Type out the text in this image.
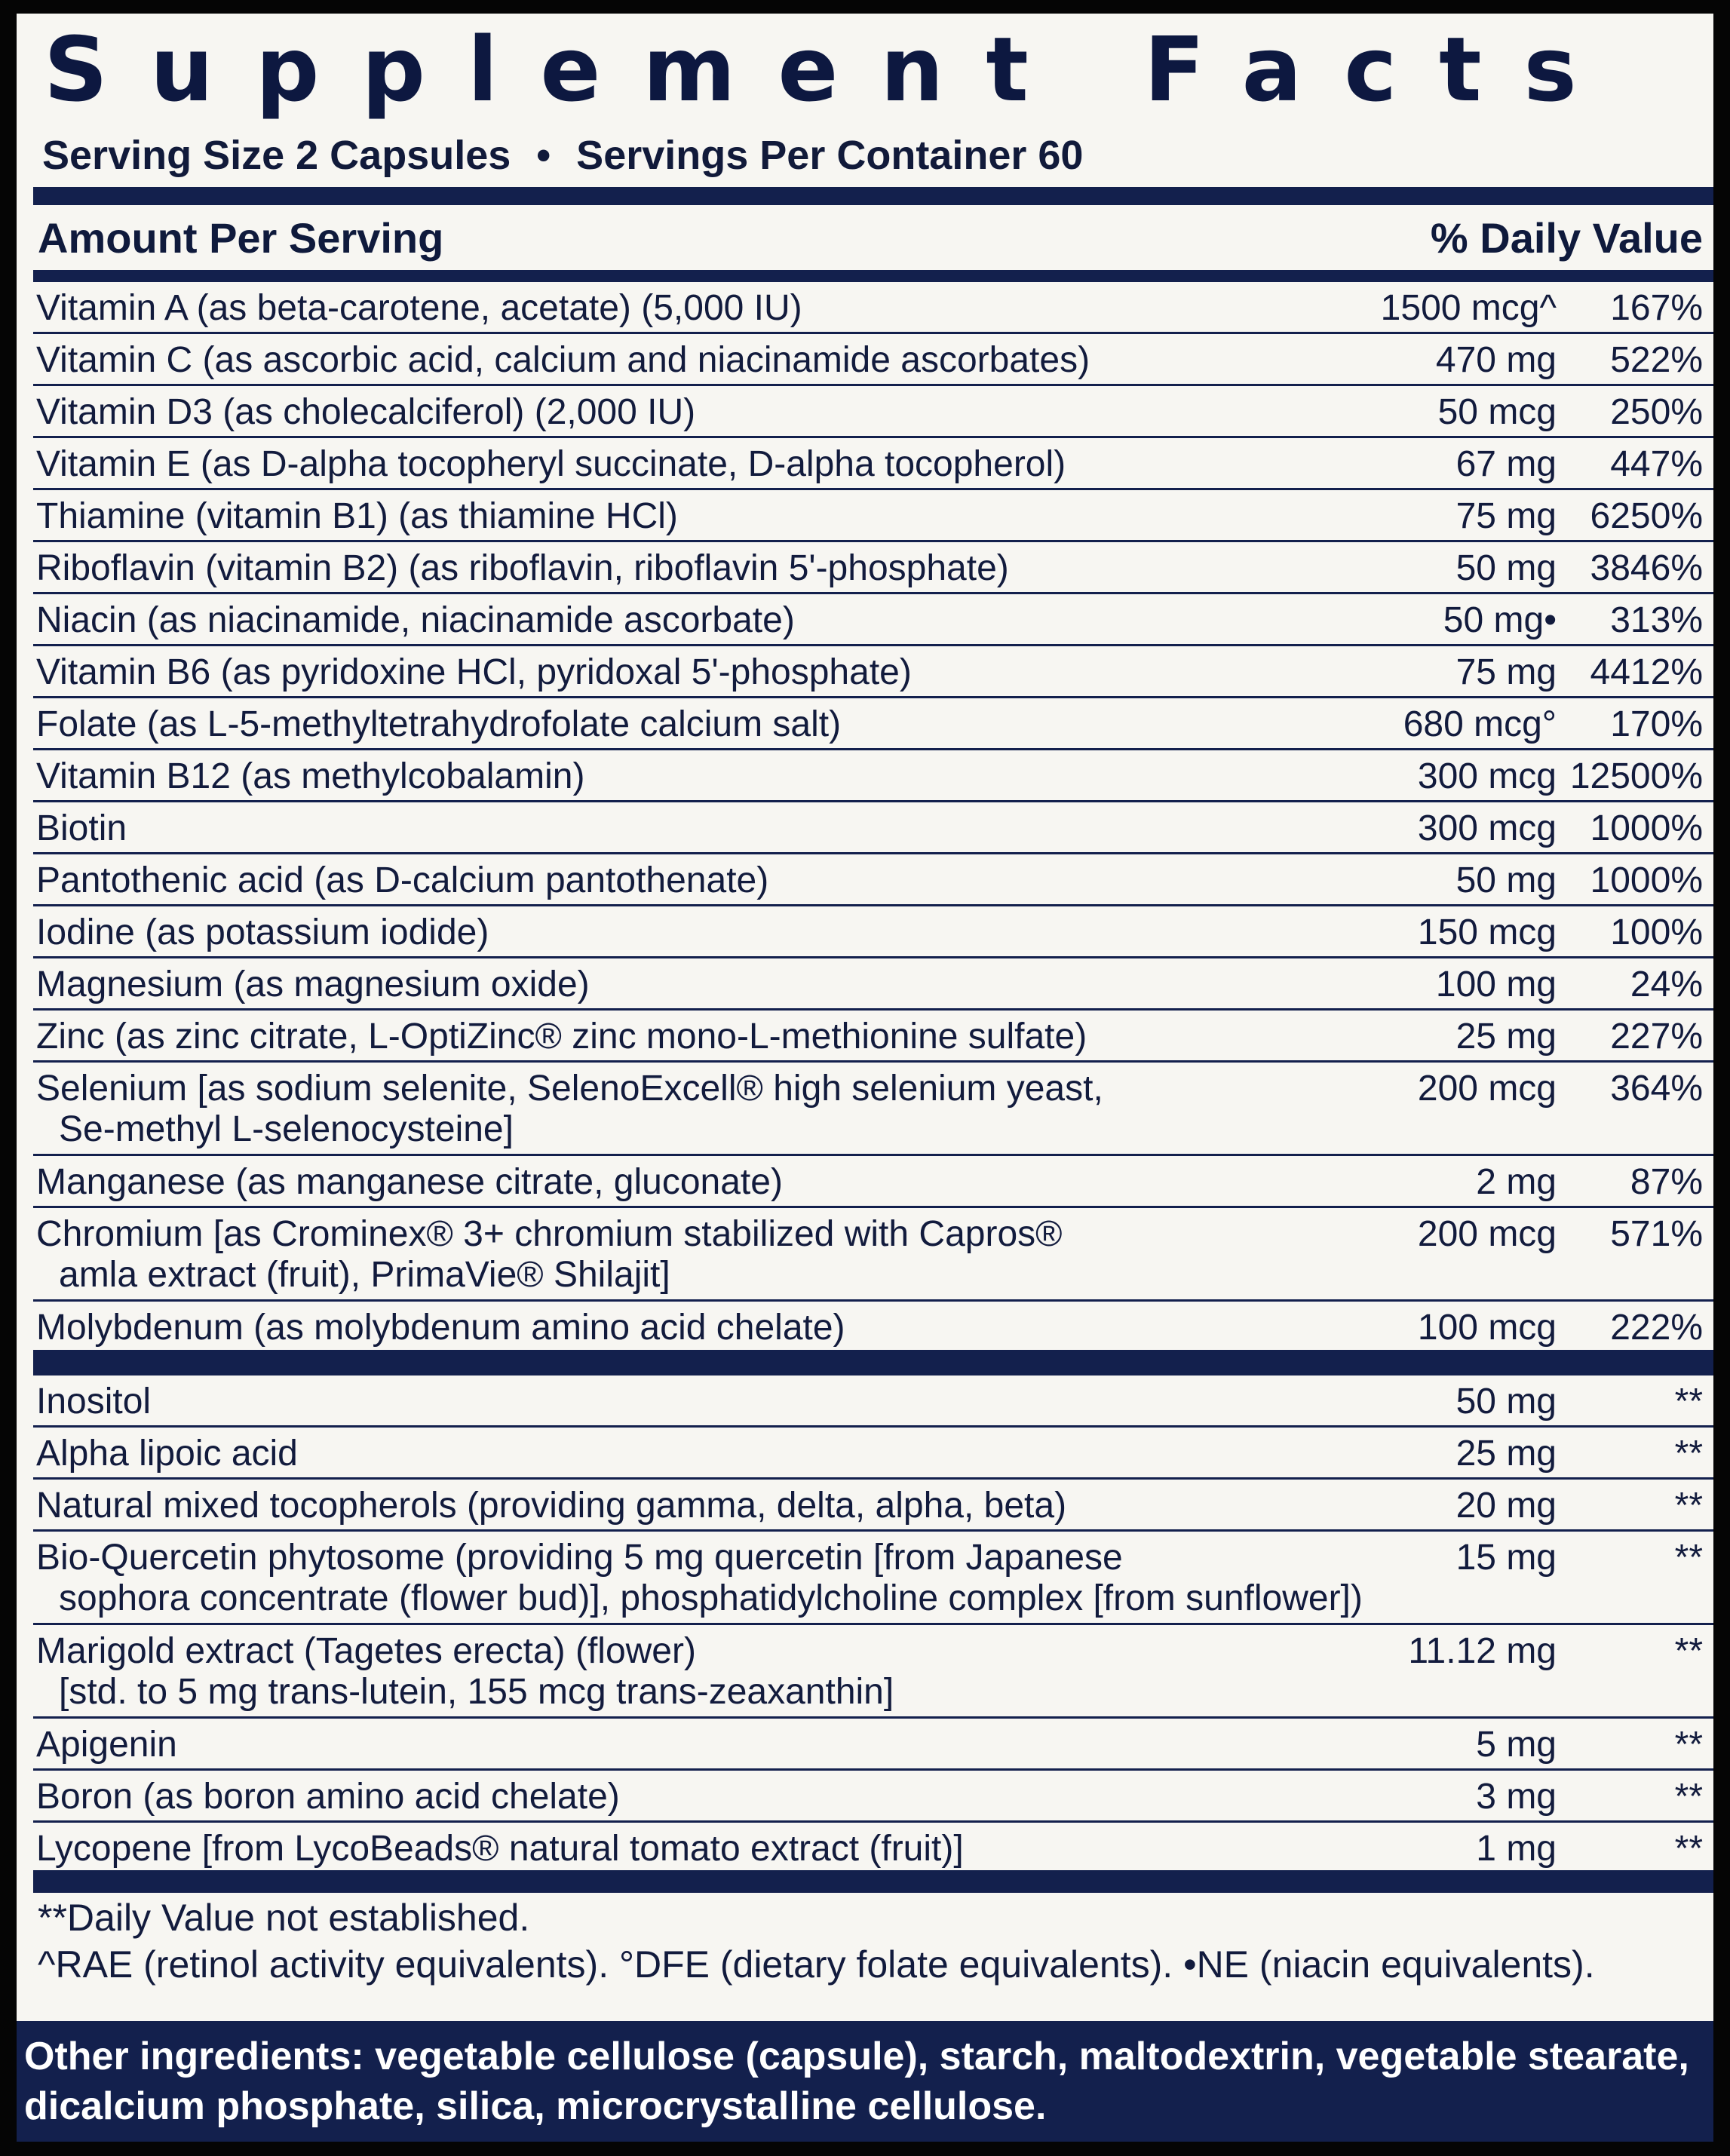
Supplement Facts
Serving Size 2 Capsules • Servings Per Container 60
Amount Per Serving	% Daily Value
Vitamin A (as beta-carotene, acetate) (5,000 IU)	1500 mcg^ 167%
Vitamin C (as ascorbic acid, calcium and niacinamide ascorbates)	470 mg 522%
Vitamin D3 (as cholecalciferol) (2,000 IU)	50 mcg 250%
Vitamin E (as D-alpha tocopheryl succinate, D-alpha tocopherol)	67 mg 447%
Thiamine (vitamin B1) (as thiamine HCl)	75 mg 6250%
Riboflavin (vitamin B2) (as riboflavin, riboflavin 5'-phosphate)	50 mg 3846%
Niacin (as niacinamide, niacinamide ascorbate)	50 mg• 313%
Vitamin B6 (as pyridoxine HCl, pyridoxal 5'-phosphate)	75 mg 4412%
Folate (as L-5-methyltetrahydrofolate calcium salt)	680 mcg° 170%
Vitamin B12 (as methylcobalamin)	300 mcg 12500%
Biotin	300 mcg 1000%
Pantothenic acid (as D-calcium pantothenate)	50 mg 1000%
Iodine (as potassium iodide)	150 mcg 100%
Magnesium (as magnesium oxide)	100 mg 24%
Zinc (as zinc citrate, L-OptiZinc® zinc mono-L-methionine sulfate)	25 mg 227%
Selenium [as sodium selenite, SelenoExcell® high selenium yeast,
Se-methyl L-selenocysteine]
200 mcg 364%
Manganese (as manganese citrate, gluconate)	2 mg 87%
Chromium [as Crominex® 3+ chromium stabilized with Capros®
amla extract (fruit), PrimaVie® Shilajit]
200 mcg 571%
Molybdenum (as molybdenum amino acid chelate)	100 mcg 222%
Inositol	50 mg	**
Alpha lipoic acid	25 mg	**
Natural mixed tocopherols (providing gamma, delta, alpha, beta)	20 mg	**
Bio-Quercetin phytosome (providing 5 mg quercetin [from Japanese
sophora concentrate (flower bud)], phosphatidylcholine complex [from sunflower])
15 mg	**
Marigold extract (Tagetes erecta) (flower)
[std. to 5 mg trans-lutein, 155 mcg trans-zeaxanthin]
11.12 mg	**
Apigenin	5 mg	**
Boron (as boron amino acid chelate)	3 mg	**
Lycopene [from LycoBeads® natural tomato extract (fruit)]	1 mg	**
**Daily Value not established.
^RAE (retinol activity equivalents). °DFE (dietary folate equivalents). •NE (niacin equivalents).
Other ingredients: vegetable cellulose (capsule), starch, maltodextrin, vegetable stearate, dicalcium phosphate, silica, microcrystalline cellulose.
